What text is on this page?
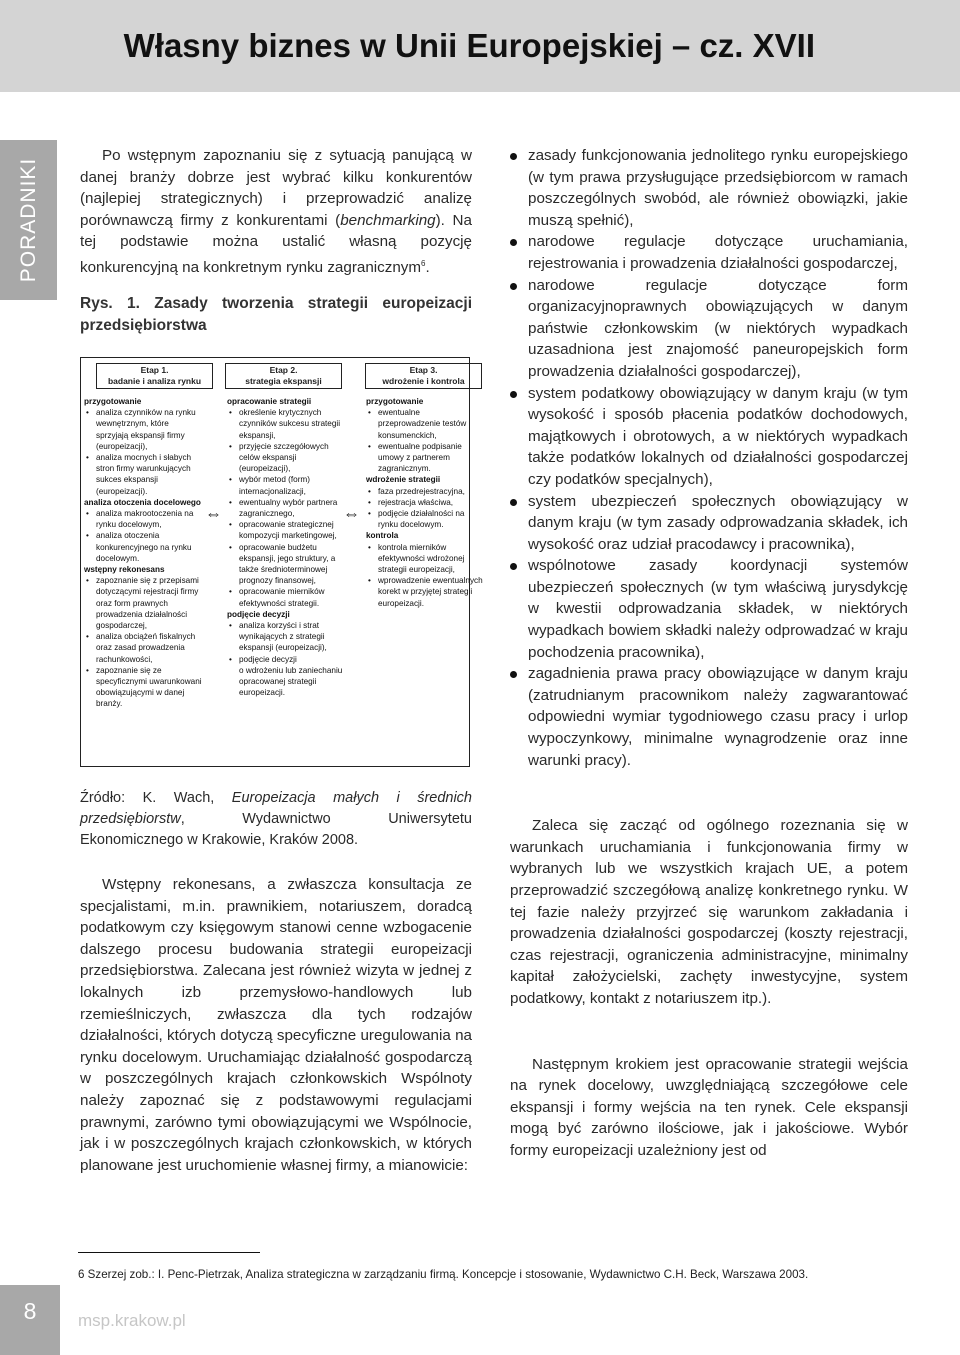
Własny biznes w Unii Europejskiej – cz. XVII
PORADNIKI

Po wstępnym zapoznaniu się z sytuacją panującą w danej branży dobrze jest wybrać kilku konkurentów (najlepiej strategicznych) i przeprowadzić analizę porównawczą firmy z konkurentami (benchmarking). Na tej podstawie można ustalić własną pozycję konkurencyjną na konkretnym rynku zagranicznym$^6$.

Rys. 1. Zasady tworzenia strategii europeizacji przedsiębiorstwa

Etap 1.
badanie i analiza rynku
Etap 2.
strategia ekspansji
Etap 3.
wdrożenie i kontrola
przygotowanie
• analiza czynników na rynku wewnętrznym, które sprzyjają ekspansji firmy (europeizacji),
• analiza mocnych i słabych stron firmy warunkujących sukces ekspansji (europeizacji).
analiza otoczenia docelowego
• analiza makrootoczenia na rynku docelowym,
• analiza otoczenia konkurencyjnego na rynku docelowym.
wstępny rekonesans
• zapoznanie się z przepisami dotyczącymi rejestracji firmy oraz form prawnych prowadzenia działalności gospodarczej,
• analiza obciążeń fiskalnych oraz zasad prowadzenia rachunkowości,
• zapoznanie się ze specyficznymi uwarunkowani obowiązującymi w danej branży.
⇔
opracowanie strategii
• określenie krytycznych czynników sukcesu strategii ekspansji,
• przyjęcie szczegółowych celów ekspansji (europeizacji),
• wybór metod (form) internacjonalizacji,
• ewentualny wybór partnera zagranicznego,
• opracowanie strategicznej kompozycji marketingowej,
• opracowanie budżetu ekspansji, jego struktury, a także średnioterminowej prognozy finansowej,
• opracowanie mierników efektywności strategii.
podjęcie decyzji
• analiza korzyści i strat wynikających z strategii ekspansji (europeizacji),
• podjęcie decyzji
o wdrożeniu lub zaniechaniu opracowanej strategii europeizacji.
⇔
przygotowanie
• ewentualne przeprowadzenie testów konsumenckich,
• ewentualne podpisanie umowy z partnerem zagranicznym.
wdrożenie strategii
• faza przedrejestracyjna,
• rejestracja właściwa,
• podjęcie działalności na rynku docelowym.
kontrola
• kontrola mierników efektywności wdrożonej strategii europeizacji,
• wprowadzenie ewentualnych korekt w przyjętej strategii europeizacji.

Źródło: K. Wach, Europeizacja małych i średnich przedsiębiorstw, Wydawnictwo Uniwersytetu Ekonomicznego w Krakowie, Kraków 2008.

Wstępny rekonesans, a zwłaszcza konsultacja ze specjalistami, m.in. prawnikiem, notariuszem, doradcą podatkowym czy księgowym stanowi cenne wzbogacenie dalszego procesu budowania strategii europeizacji przedsiębiorstwa. Zalecana jest również wizyta w jednej z lokalnych izb przemysłowo-handlowych lub rzemieślniczych, zwłaszcza dla tych rodzajów działalności, których dotyczą specyficzne uregulowania na rynku docelowym. Uruchamiając działalność gospodarczą w poszczególnych krajach członkowskich Wspólnoty należy zapoznać się z podstawowymi regulacjami prawnymi, zarówno tymi obowiązującymi we Wspólnocie, jak i w poszczególnych krajach członkowskich, w których planowane jest uruchomienie własnej firmy, a mianowicie:

zasady funkcjonowania jednolitego rynku europejskiego (w tym prawa przysługujące przedsiębiorcom w ramach poszczególnych swobód, ale również obowiązki, jakie muszą spełnić),
narodowe regulacje dotyczące uruchamiania, rejestrowania i prowadzenia działalności gospodarczej,
narodowe regulacje dotyczące form organizacyjnoprawnych obowiązujących w danym państwie członkowskim (w niektórych wypadkach uzasadniona jest znajomość paneuropejskich form prowadzenia działalności gospodarczej),
system podatkowy obowiązujący w danym kraju (w tym wysokość i sposób płacenia podatków dochodowych, majątkowych i obrotowych, a w niektórych wypadkach także podatków lokalnych od działalności gospodarczej czy podatków specjalnych),
system ubezpieczeń społecznych obowiązujący w danym kraju (w tym zasady odprowadzania składek, ich wysokość oraz udział pracodawcy i pracownika),
wspólnotowe zasady koordynacji systemów ubezpieczeń społecznych (w tym właściwą jurysdykcję w kwestii odprowadzania składek, w niektórych wypadkach bowiem składki należy odprowadzać w kraju pochodzenia pracownika),
zagadnienia prawa pracy obowiązujące w danym kraju (zatrudnianym pracownikom należy zagwarantować odpowiedni wymiar tygodniowego czasu pracy i urlop wypoczynkowy, minimalne wynagrodzenie oraz inne warunki pracy).

Zaleca się zacząć od ogólnego rozeznania się w warunkach uruchamiania i funkcjonowania firmy w wybranych lub we wszystkich krajach UE, a potem przeprowadzić szczegółową analizę konkretnego rynku. W tej fazie należy przyjrzeć się warunkom zakładania i prowadzenia działalności gospodarczej (koszty rejestracji, czas rejestracji, ograniczenia administracyjne, minimalny kapitał założycielski, zachęty inwestycyjne, system podatkowy, kontakt z notariuszem itp.).

Następnym krokiem jest opracowanie strategii wejścia na rynek docelowy, uwzględniającą szczegółowe cele ekspansji i formy wejścia na ten rynek. Cele ekspansji mogą być zarówno ilościowe, jak i jakościowe. Wybór formy europeizacji uzależniony jest od

6 Szerzej zob.: I. Penc-Pietrzak, Analiza strategiczna w zarządzaniu firmą. Koncepcje i stosowanie, Wydawnictwo C.H. Beck, Warszawa 2003.
8	msp.krakow.pl
